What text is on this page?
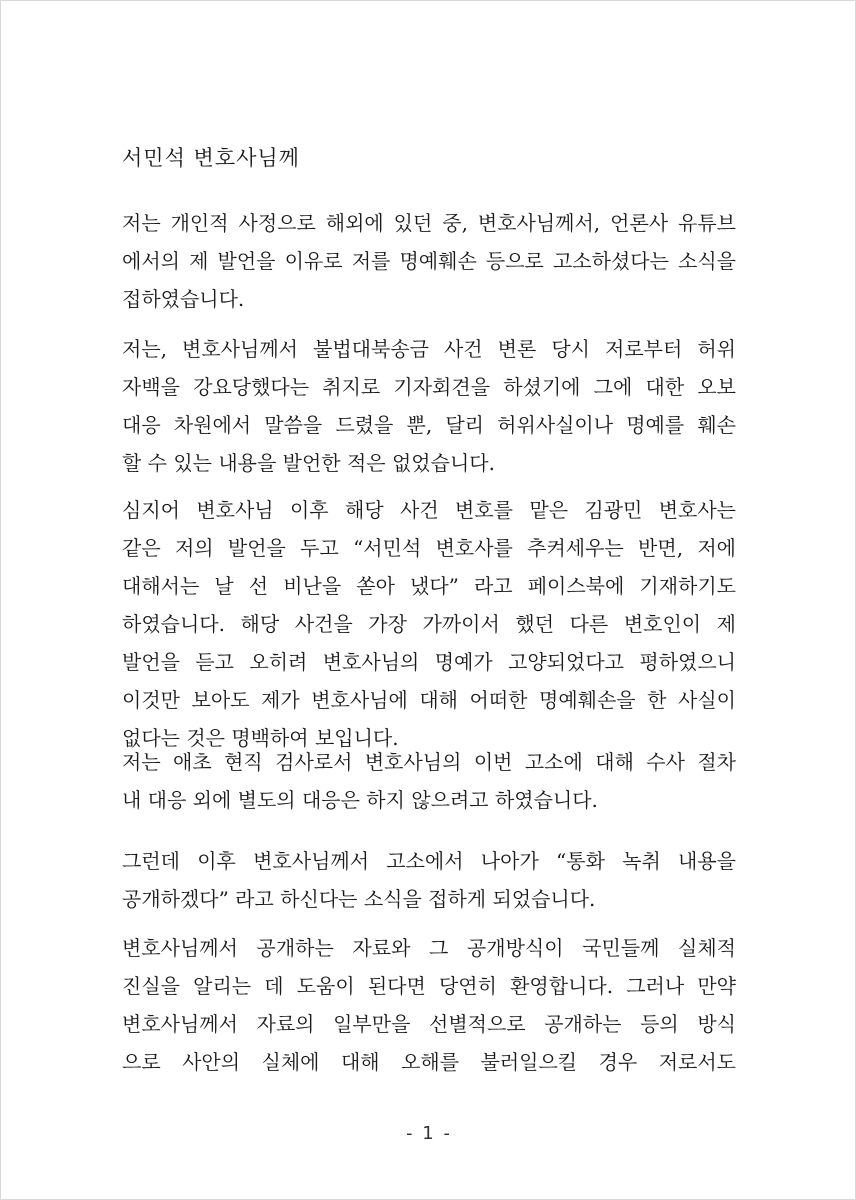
서민석 변호사님께
저는 개인적 사정으로 해외에 있던 중, 변호사님께서, 언론사 유튜브
에서의 제 발언을 이유로 저를 명예훼손 등으로 고소하셨다는 소식을
접하였습니다.
저는, 변호사님께서 불법대북송금 사건 변론 당시 저로부터 허위
자백을 강요당했다는 취지로 기자회견을 하셨기에 그에 대한 오보
대응 차원에서 말씀을 드렸을 뿐, 달리 허위사실이나 명예를 훼손
할 수 있는 내용을 발언한 적은 없었습니다.
심지어 변호사님 이후 해당 사건 변호를 맡은 김광민 변호사는
같은 저의 발언을 두고 “서민석 변호사를 추켜세우는 반면, 저에
대해서는 날 선 비난을 쏟아 냈다” 라고 페이스북에 기재하기도
하였습니다. 해당 사건을 가장 가까이서 했던 다른 변호인이 제
발언을 듣고 오히려 변호사님의 명예가 고양되었다고 평하였으니
이것만 보아도 제가 변호사님에 대해 어떠한 명예훼손을 한 사실이
없다는 것은 명백하여 보입니다.
저는 애초 현직 검사로서 변호사님의 이번 고소에 대해 수사 절차
내 대응 외에 별도의 대응은 하지 않으려고 하였습니다.
그런데 이후 변호사님께서 고소에서 나아가 “통화 녹취 내용을
공개하겠다” 라고 하신다는 소식을 접하게 되었습니다.
변호사님께서 공개하는 자료와 그 공개방식이 국민들께 실체적
진실을 알리는 데 도움이 된다면 당연히 환영합니다. 그러나 만약
변호사님께서 자료의 일부만을 선별적으로 공개하는 등의 방식
으로 사안의 실체에 대해 오해를 불러일으킬 경우 저로서도
- 1 -
